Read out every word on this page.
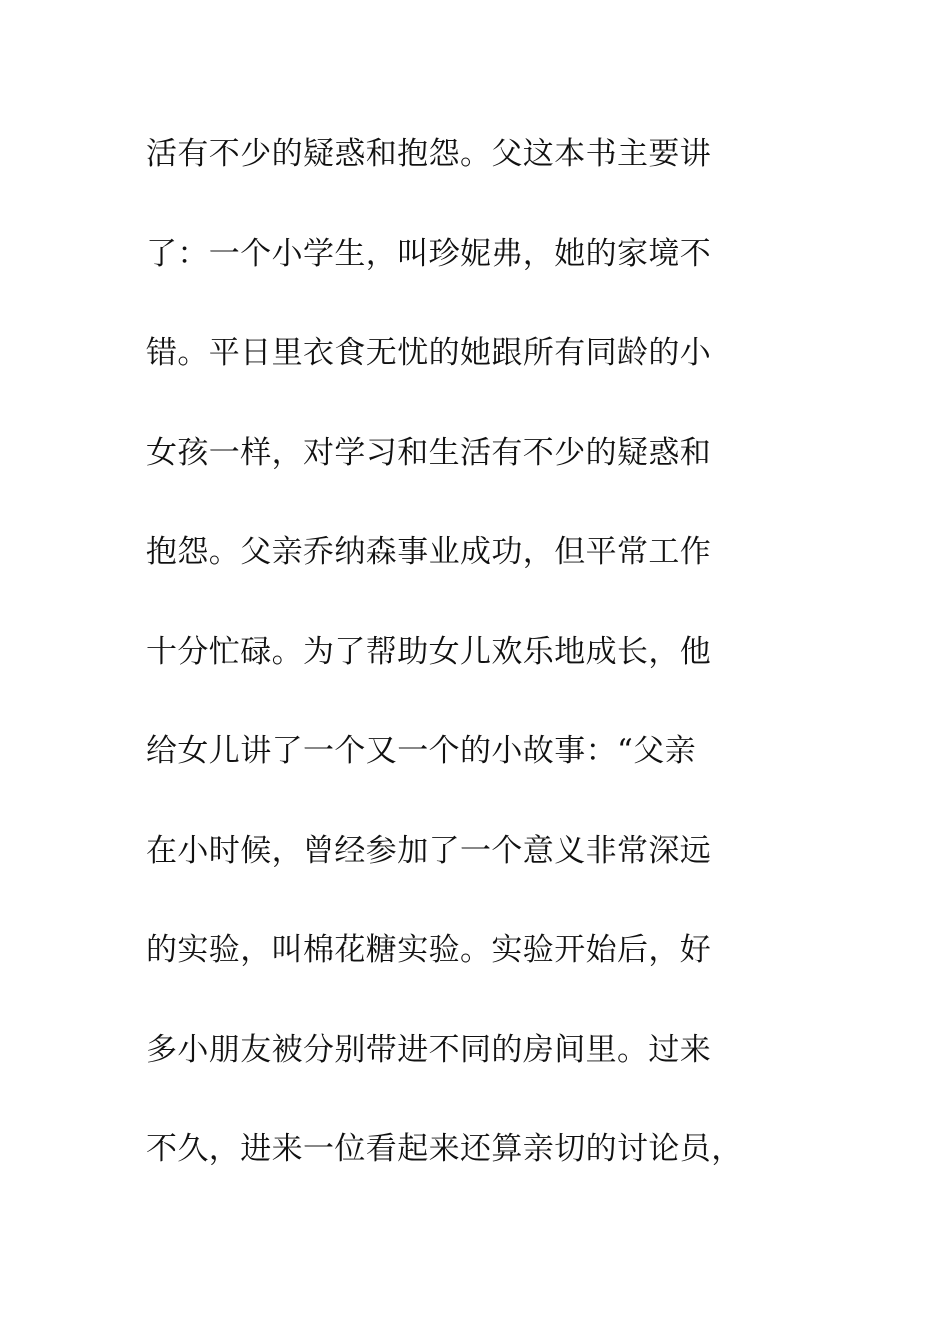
活有不少的疑惑和抱怨。父这本书主要讲
了：一个小学生，叫珍妮弗，她的家境不
错。平日里衣食无忧的她跟所有同龄的小
女孩一样，对学习和生活有不少的疑惑和
抱怨。父亲乔纳森事业成功，但平常工作
十分忙碌。为了帮助女儿欢乐地成长，他
给女儿讲了一个又一个的小故事：“父亲
在小时候，曾经参加了一个意义非常深远
的实验，叫棉花糖实验。实验开始后，好
多小朋友被分别带进不同的房间里。过来
不久，进来一位看起来还算亲切的讨论员，
